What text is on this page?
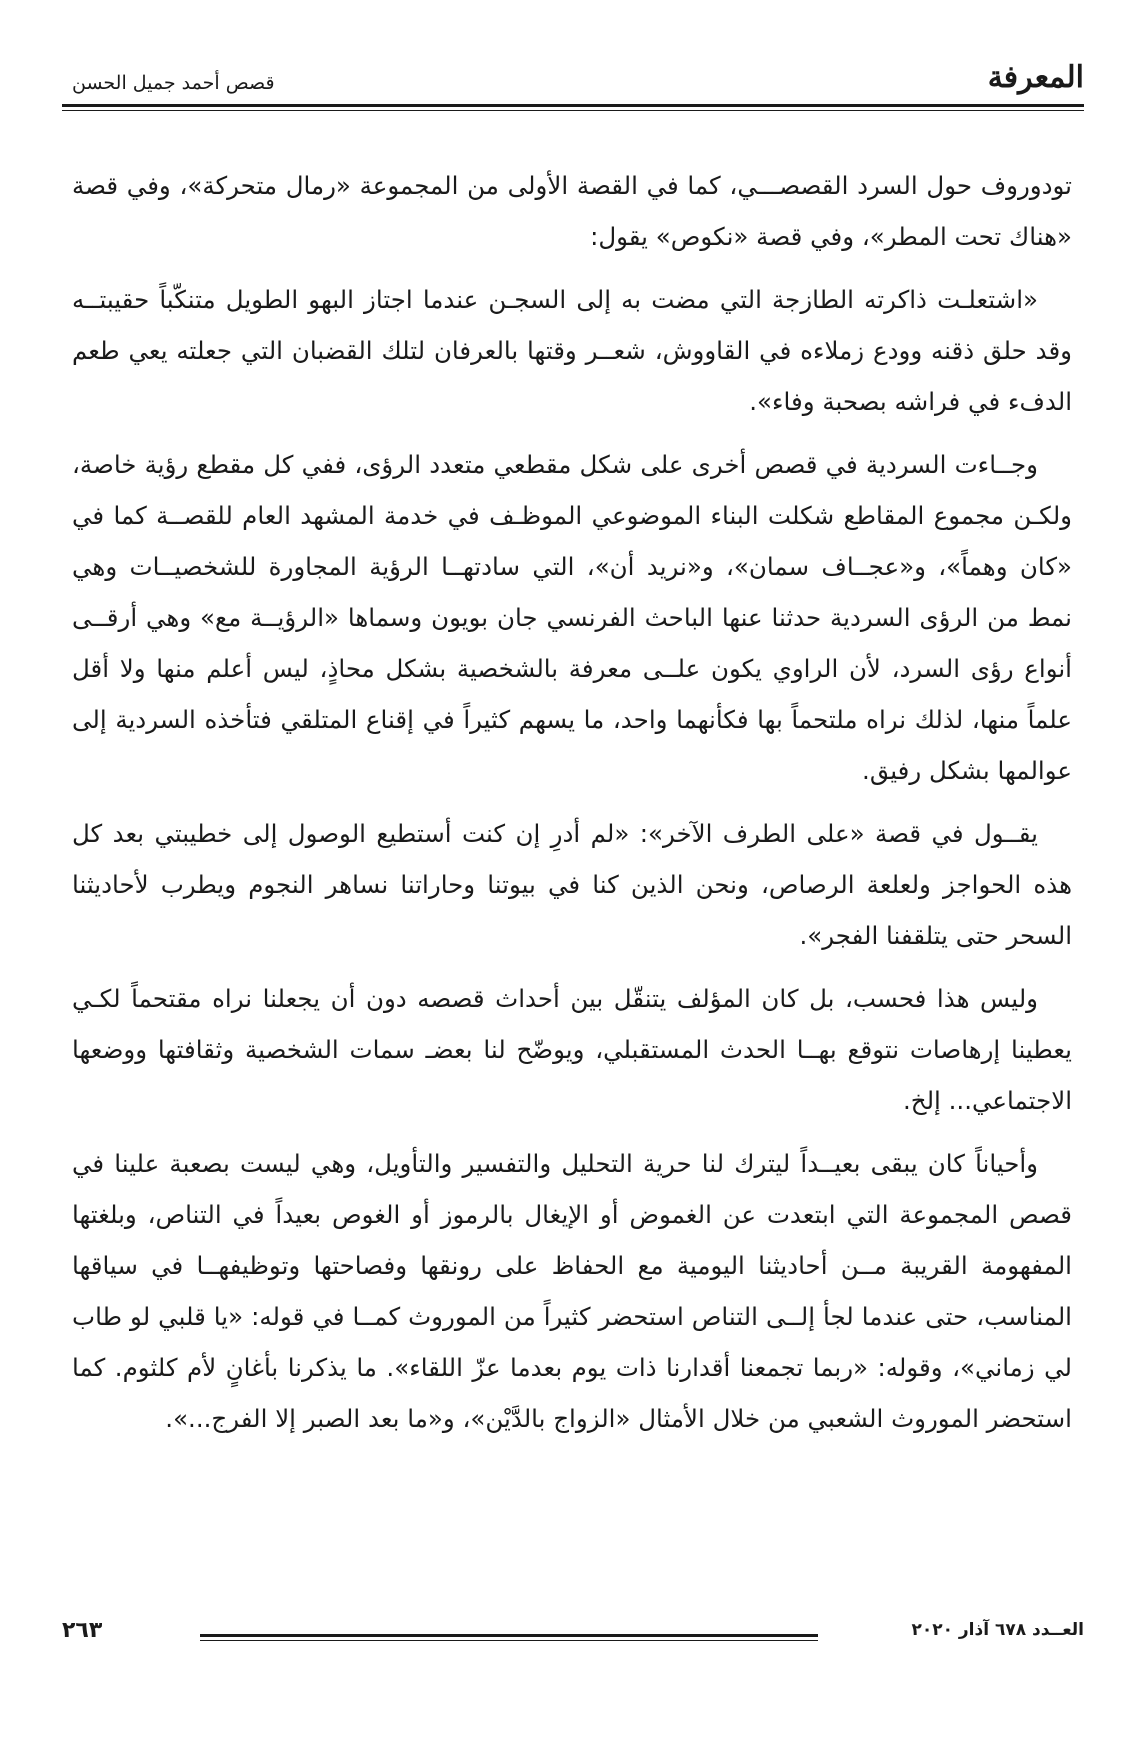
المعرفة
قصص أحمد جميل الحسن

تودوروف حول السرد القصصـــي، كما في القصة الأولى من المجموعة «رمال متحركة»، وفي قصة «هناك تحت المطر»، وفي قصة «نكوص» يقول:

«اشتعلـت ذاكرته الطازجة التي مضت به إلى السجـن عندما اجتاز البهو الطويل متنكّباً حقيبتــه وقد حلق ذقنه وودع زملاءه في القاووش، شعــر وقتها بالعرفان لتلك القضبان التي جعلته يعي طعم الدفء في فراشه بصحبة وفاء».

وجــاءت السردية في قصص أخرى على شكل مقطعي متعدد الرؤى، ففي كل مقطع رؤية خاصة، ولكـن مجموع المقاطع شكلت البناء الموضوعي الموظـف في خدمة المشهد العام للقصــة كما في «كان وهماً»، و«عجــاف سمان»، و«نريد أن»، التي سادتهــا الرؤية المجاورة للشخصيــات وهي نمط من الرؤى السردية حدثنا عنها الباحث الفرنسي جان بويون وسماها «الرؤيــة مع» وهي أرقــى أنواع رؤى السرد، لأن الراوي يكون علــى معرفة بالشخصية بشكل محاذٍ، ليس أعلم منها ولا أقل علماً منها، لذلك نراه ملتحماً بها فكأنهما واحد، ما يسهم كثيراً في إقناع المتلقي فتأخذه السردية إلى عوالمها بشكل رفيق.

يقــول في قصة «على الطرف الآخر»: «لم أدرِ إن كنت أستطيع الوصول إلى خطيبتي بعد كل هذه الحواجز ولعلعة الرصاص، ونحن الذين كنا في بيوتنا وحاراتنا نساهر النجوم ويطرب لأحاديثنا السحر حتى يتلقفنا الفجر».

وليس هذا فحسب، بل كان المؤلف يتنقّل بين أحداث قصصه دون أن يجعلنا نراه مقتحماً لكـي يعطينا إرهاصات نتوقع بهــا الحدث المستقبلي، ويوضّح لنا بعضـ سمات الشخصية وثقافتها ووضعها الاجتماعي... إلخ.

وأحياناً كان يبقى بعيــداً ليترك لنا حرية التحليل والتفسير والتأويل، وهي ليست بصعبة علينا في قصص المجموعة التي ابتعدت عن الغموض أو الإيغال بالرموز أو الغوص بعيداً في التناص، وبلغتها المفهومة القريبة مــن أحاديثنا اليومية مع الحفاظ على رونقها وفصاحتها وتوظيفهــا في سياقها المناسب، حتى عندما لجأ إلــى التناص استحضر كثيراً من الموروث كمــا في قوله: «يا قلبي لو طاب لي زماني»، وقوله: «ربما تجمعنا أقدارنا ذات يوم بعدما عزّ اللقاء». ما يذكرنا بأغانٍ لأم كلثوم. كما استحضر الموروث الشعبي من خلال الأمثال «الزواج بالدَّيْن»، و«ما بعد الصبر إلا الفرج...».

العــدد ٦٧٨ آذار ٢٠٢٠
٢٦٣
